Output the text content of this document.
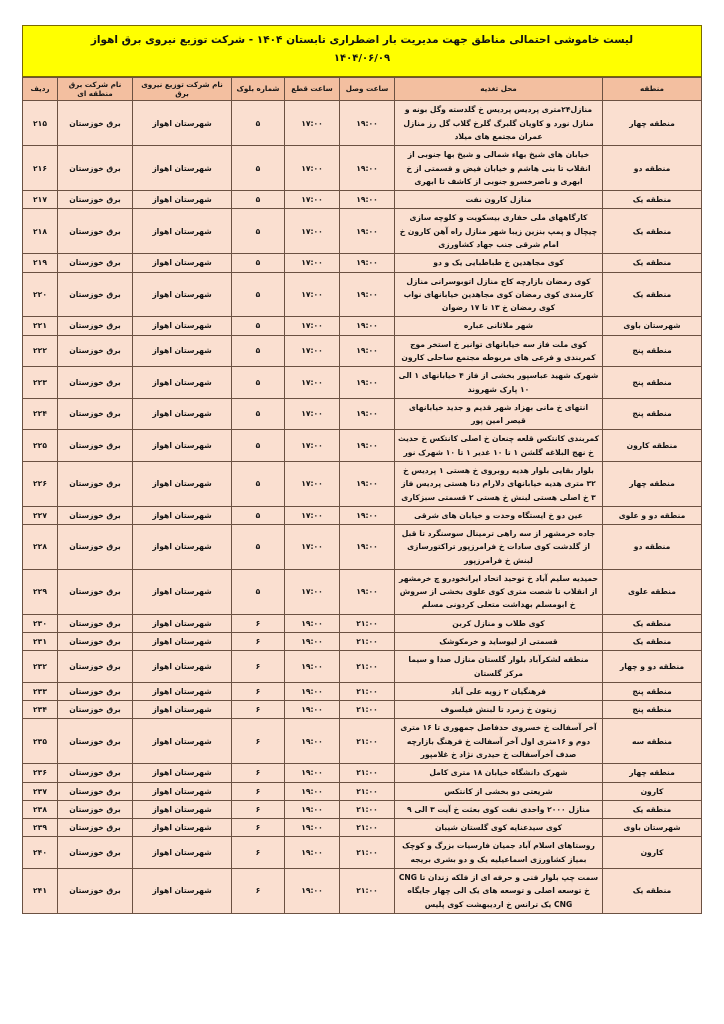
لیست خاموشی احتمالی مناطق جهت مدیریت بار اضطراری تابستان ۱۴۰۴ - شرکت توزیع نیروی برق اهواز
۱۴۰۴/۰۶/۰۹
منطقه	محل تغذیه	ساعت وصل	ساعت قطع	شماره بلوک	نام شرکت توزیع نیروی برق	نام شرکت برق منطقه ای	ردیف
منطقه چهار	منازل۲۴متری پردیس پردیس خ گلدسته وگل بونه و منازل نورد و کاویان گلبرگ گلرخ گلاب گل رز منازل عمران مجتمع های میلاد	۱۹:۰۰	۱۷:۰۰	۵	شهرستان اهواز	برق خوزستان	۲۱۵
منطقه دو	خیابان های شیخ بهاء شمالی و شیخ بها جنوبی از انقلاب تا بنی هاشم و خیابان فیض و قسمتی از خ ابهری و ناصرخسرو جنوبی از کاشف تا ابهری	۱۹:۰۰	۱۷:۰۰	۵	شهرستان اهواز	برق خوزستان	۲۱۶
منطقه یک	منازل کارون نفت	۱۹:۰۰	۱۷:۰۰	۵	شهرستان اهواز	برق خوزستان	۲۱۷
منطقه یک	کارگاههای ملی حفاری بیسکویت و کلوچه سازی چیچال و پمپ بنزین زیبا شهر منازل راه آهن کارون خ امام شرقی جنب جهاد کشاورزی	۱۹:۰۰	۱۷:۰۰	۵	شهرستان اهواز	برق خوزستان	۲۱۸
منطقه یک	کوی مجاهدین خ طباطبایی یک و دو	۱۹:۰۰	۱۷:۰۰	۵	شهرستان اهواز	برق خوزستان	۲۱۹
منطقه یک	کوی رمضان بازارچه کاج منازل اتوبوسرانی منازل کارمندی کوی رمضان کوی مجاهدین خیابانهای نواب کوی رمضان خ ۱۳ تا ۱۷ رضوان	۱۹:۰۰	۱۷:۰۰	۵	شهرستان اهواز	برق خوزستان	۲۲۰
شهرستان باوی	شهر ملاثانی عباره	۱۹:۰۰	۱۷:۰۰	۵	شهرستان اهواز	برق خوزستان	۲۲۱
منطقه پنج	کوی ملت فاز سه خیابانهای توانیر خ استخر موج کمربندی و فرعی های مربوطه مجتمع ساحلی کارون	۱۹:۰۰	۱۷:۰۰	۵	شهرستان اهواز	برق خوزستان	۲۲۲
منطقه پنج	شهرک شهید عباسپور بخشی از فاز ۴ خیابانهای ۱ الی ۱۰ پارک شهروند	۱۹:۰۰	۱۷:۰۰	۵	شهرستان اهواز	برق خوزستان	۲۲۳
منطقه پنج	انتهای خ مانی بهزاد شهر قدیم و جدید خیابانهای قیصر امین پور	۱۹:۰۰	۱۷:۰۰	۵	شهرستان اهواز	برق خوزستان	۲۲۴
منطقه کارون	کمربندی کانتکس قلعه چنعان خ اصلی کانتکس خ حدیث خ نهج البلاغه گلشن ۱ تا ۱۰ غدیر ۱ تا ۱۰ شهرک نور	۱۹:۰۰	۱۷:۰۰	۵	شهرستان اهواز	برق خوزستان	۲۲۵
منطقه چهار	بلوار بقایی بلوار هدیه روبروی خ هستی ۱ پردیس خ ۳۲ متری هدیه خیابانهای دلارام دنا هستی پردیس فاز ۳ خ اصلی هستی لبنش خ هستی ۲ قسمتی سبزکاری	۱۹:۰۰	۱۷:۰۰	۵	شهرستان اهواز	برق خوزستان	۲۲۶
منطقه دو و علوی	عین دو خ ایستگاه وحدت و خیابان های شرقی	۱۹:۰۰	۱۷:۰۰	۵	شهرستان اهواز	برق خوزستان	۲۲۷
منطقه دو	جاده خرمشهر از سه راهی ترمینال سوسنگرد تا قبل از گلدشت کوی سادات خ فرامرزپور تراکتورسازی لبنش خ فرامرزپور	۱۹:۰۰	۱۷:۰۰	۵	شهرستان اهواز	برق خوزستان	۲۲۸
منطقه علوی	حمیدیه سلیم آباد خ توحید اتحاد ایرانخودرو چ خرمشهر از انقلاب تا شصت متری کوی علوی بخشی از سروش خ ابومسلم بهداشت متعلی کردونی مسلم	۱۹:۰۰	۱۷:۰۰	۵	شهرستان اهواز	برق خوزستان	۲۲۹
منطقه یک	کوی طلاب و منازل کربن	۲۱:۰۰	۱۹:۰۰	۶	شهرستان اهواز	برق خوزستان	۲۳۰
منطقه یک	قسمتی از لیوساید و خرمکوشک	۲۱:۰۰	۱۹:۰۰	۶	شهرستان اهواز	برق خوزستان	۲۳۱
منطقه دو و چهار	منطقه لشکرآباد بلوار گلستان منازل صدا و سیما مرکز گلستان	۲۱:۰۰	۱۹:۰۰	۶	شهرستان اهواز	برق خوزستان	۲۳۲
منطقه پنج	فرهنگیان ۲ زویه علی آباد	۲۱:۰۰	۱۹:۰۰	۶	شهرستان اهواز	برق خوزستان	۲۳۳
منطقه پنج	زیتون خ زمرد تا لبنش فیلسوف	۲۱:۰۰	۱۹:۰۰	۶	شهرستان اهواز	برق خوزستان	۲۳۴
منطقه سه	آخر آسفالت خ خسروی حدفاصل جمهوری تا ۱۶ متری دوم و ۱۶متری اول آخر آسفالت خ فرهنگ بازارچه صدف آخرآسفالت خ حیدری نژاد خ غلامپور	۲۱:۰۰	۱۹:۰۰	۶	شهرستان اهواز	برق خوزستان	۲۳۵
منطقه چهار	شهرک دانشگاه خیابان ۱۸ متری کامل	۲۱:۰۰	۱۹:۰۰	۶	شهرستان اهواز	برق خوزستان	۲۳۶
کارون	شریعتی دو بخشی از کانتکس	۲۱:۰۰	۱۹:۰۰	۶	شهرستان اهواز	برق خوزستان	۲۳۷
منطقه یک	منازل ۲۰۰۰ واحدی نفت کوی بعثت خ آیت ۳ الی ۹	۲۱:۰۰	۱۹:۰۰	۶	شهرستان اهواز	برق خوزستان	۲۳۸
شهرستان باوی	کوی سیدعنایه کوی گلستان شیبان	۲۱:۰۰	۱۹:۰۰	۶	شهرستان اهواز	برق خوزستان	۲۳۹
کارون	روستاهای اسلام آباد جمیان فارسیات بزرگ و کوچک بمیاز کشاورزی اسماعیلیه یک و دو بشری بریجه	۲۱:۰۰	۱۹:۰۰	۶	شهرستان اهواز	برق خوزستان	۲۴۰
منطقه یک	سمت چپ بلوار فنی و حرفه ای از فلکه زندان تا CNG خ توسعه اصلی و توسعه های یک الی چهار جایگاه CNG یک ترانس خ اردیبهشت کوی پلیس	۲۱:۰۰	۱۹:۰۰	۶	شهرستان اهواز	برق خوزستان	۲۴۱
